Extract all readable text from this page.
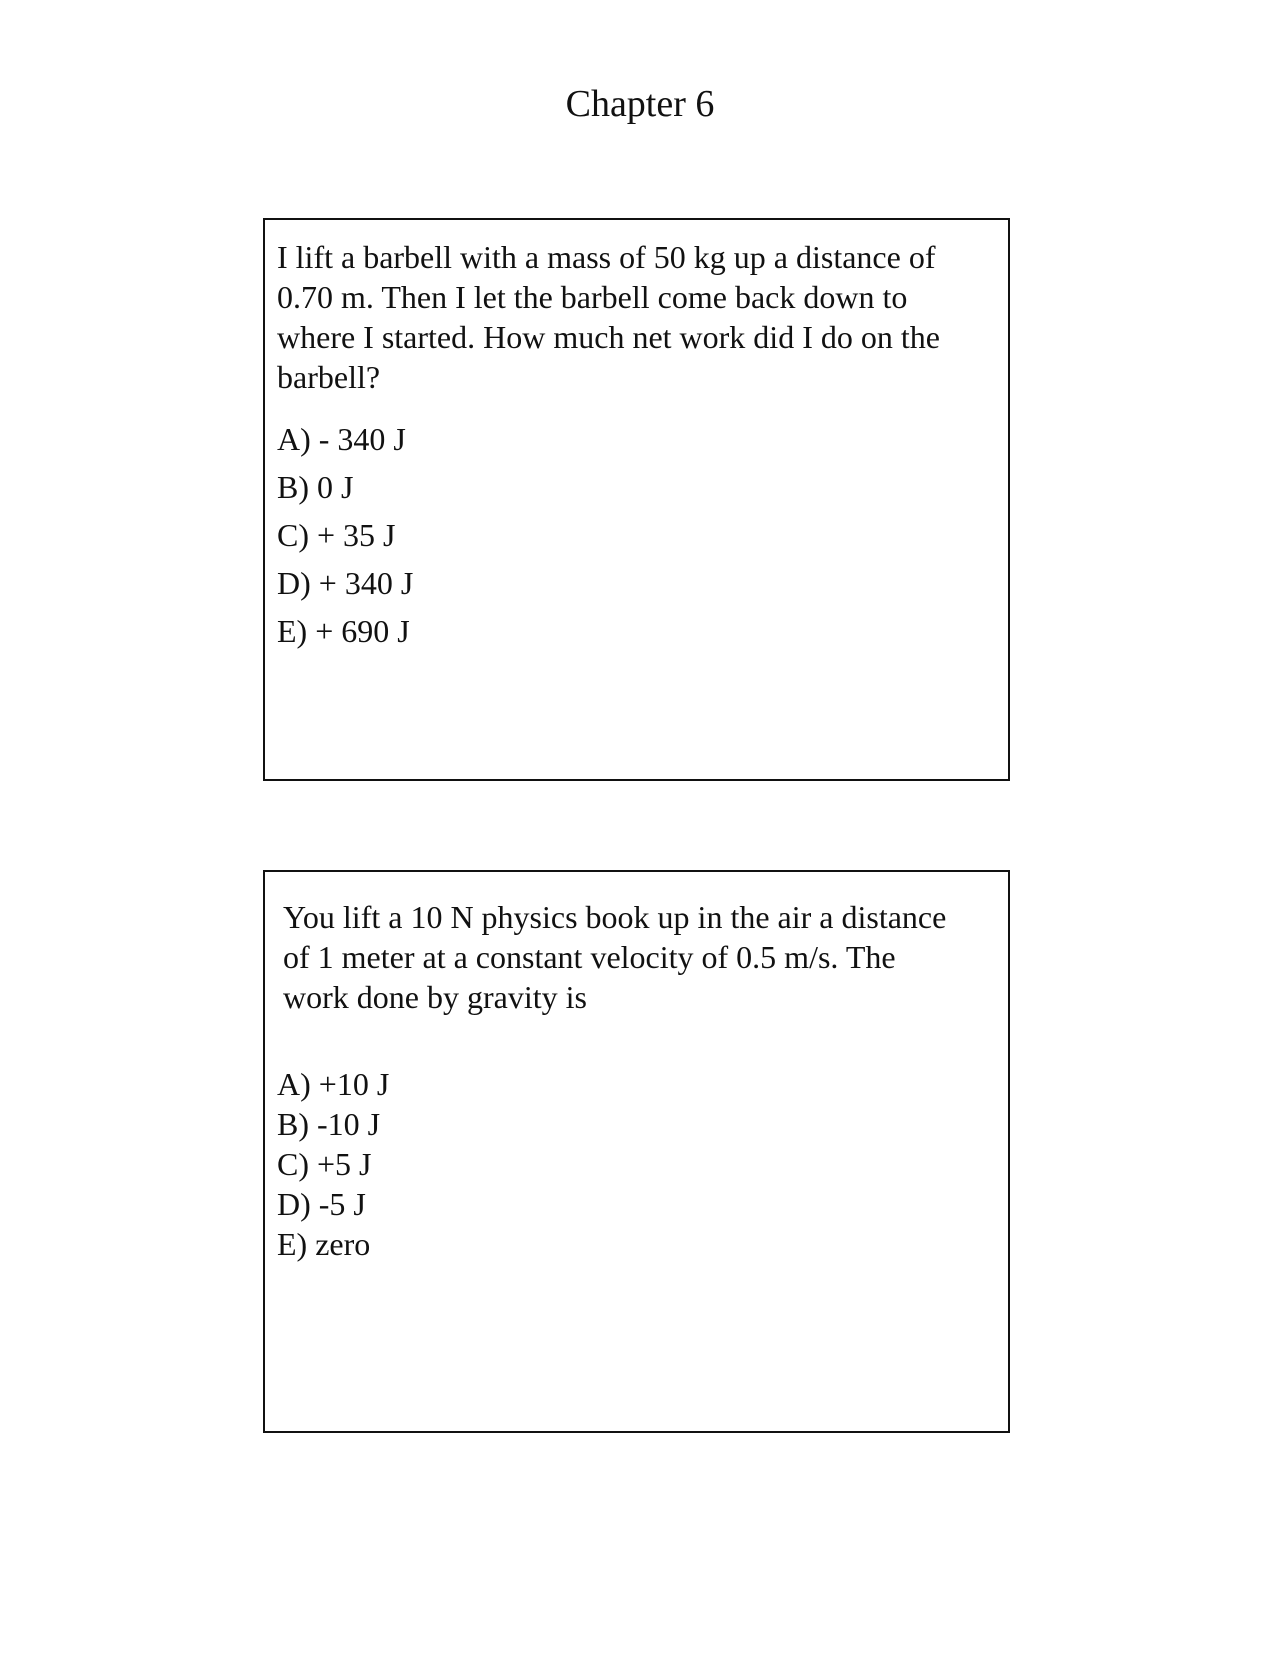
Chapter 6

I lift a barbell with a mass of 50 kg up a distance of
0.70 m. Then I let the barbell come back down to
where I started. How much net work did I do on the
barbell?

A) - 340 J
B) 0 J
C) + 35 J
D) + 340 J
E) + 690 J

You lift a 10 N physics book up in the air a distance
of 1 meter at a constant velocity of 0.5 m/s. The
work done by gravity is

A) +10 J
B) -10 J
C) +5 J
D) -5 J
E) zero
